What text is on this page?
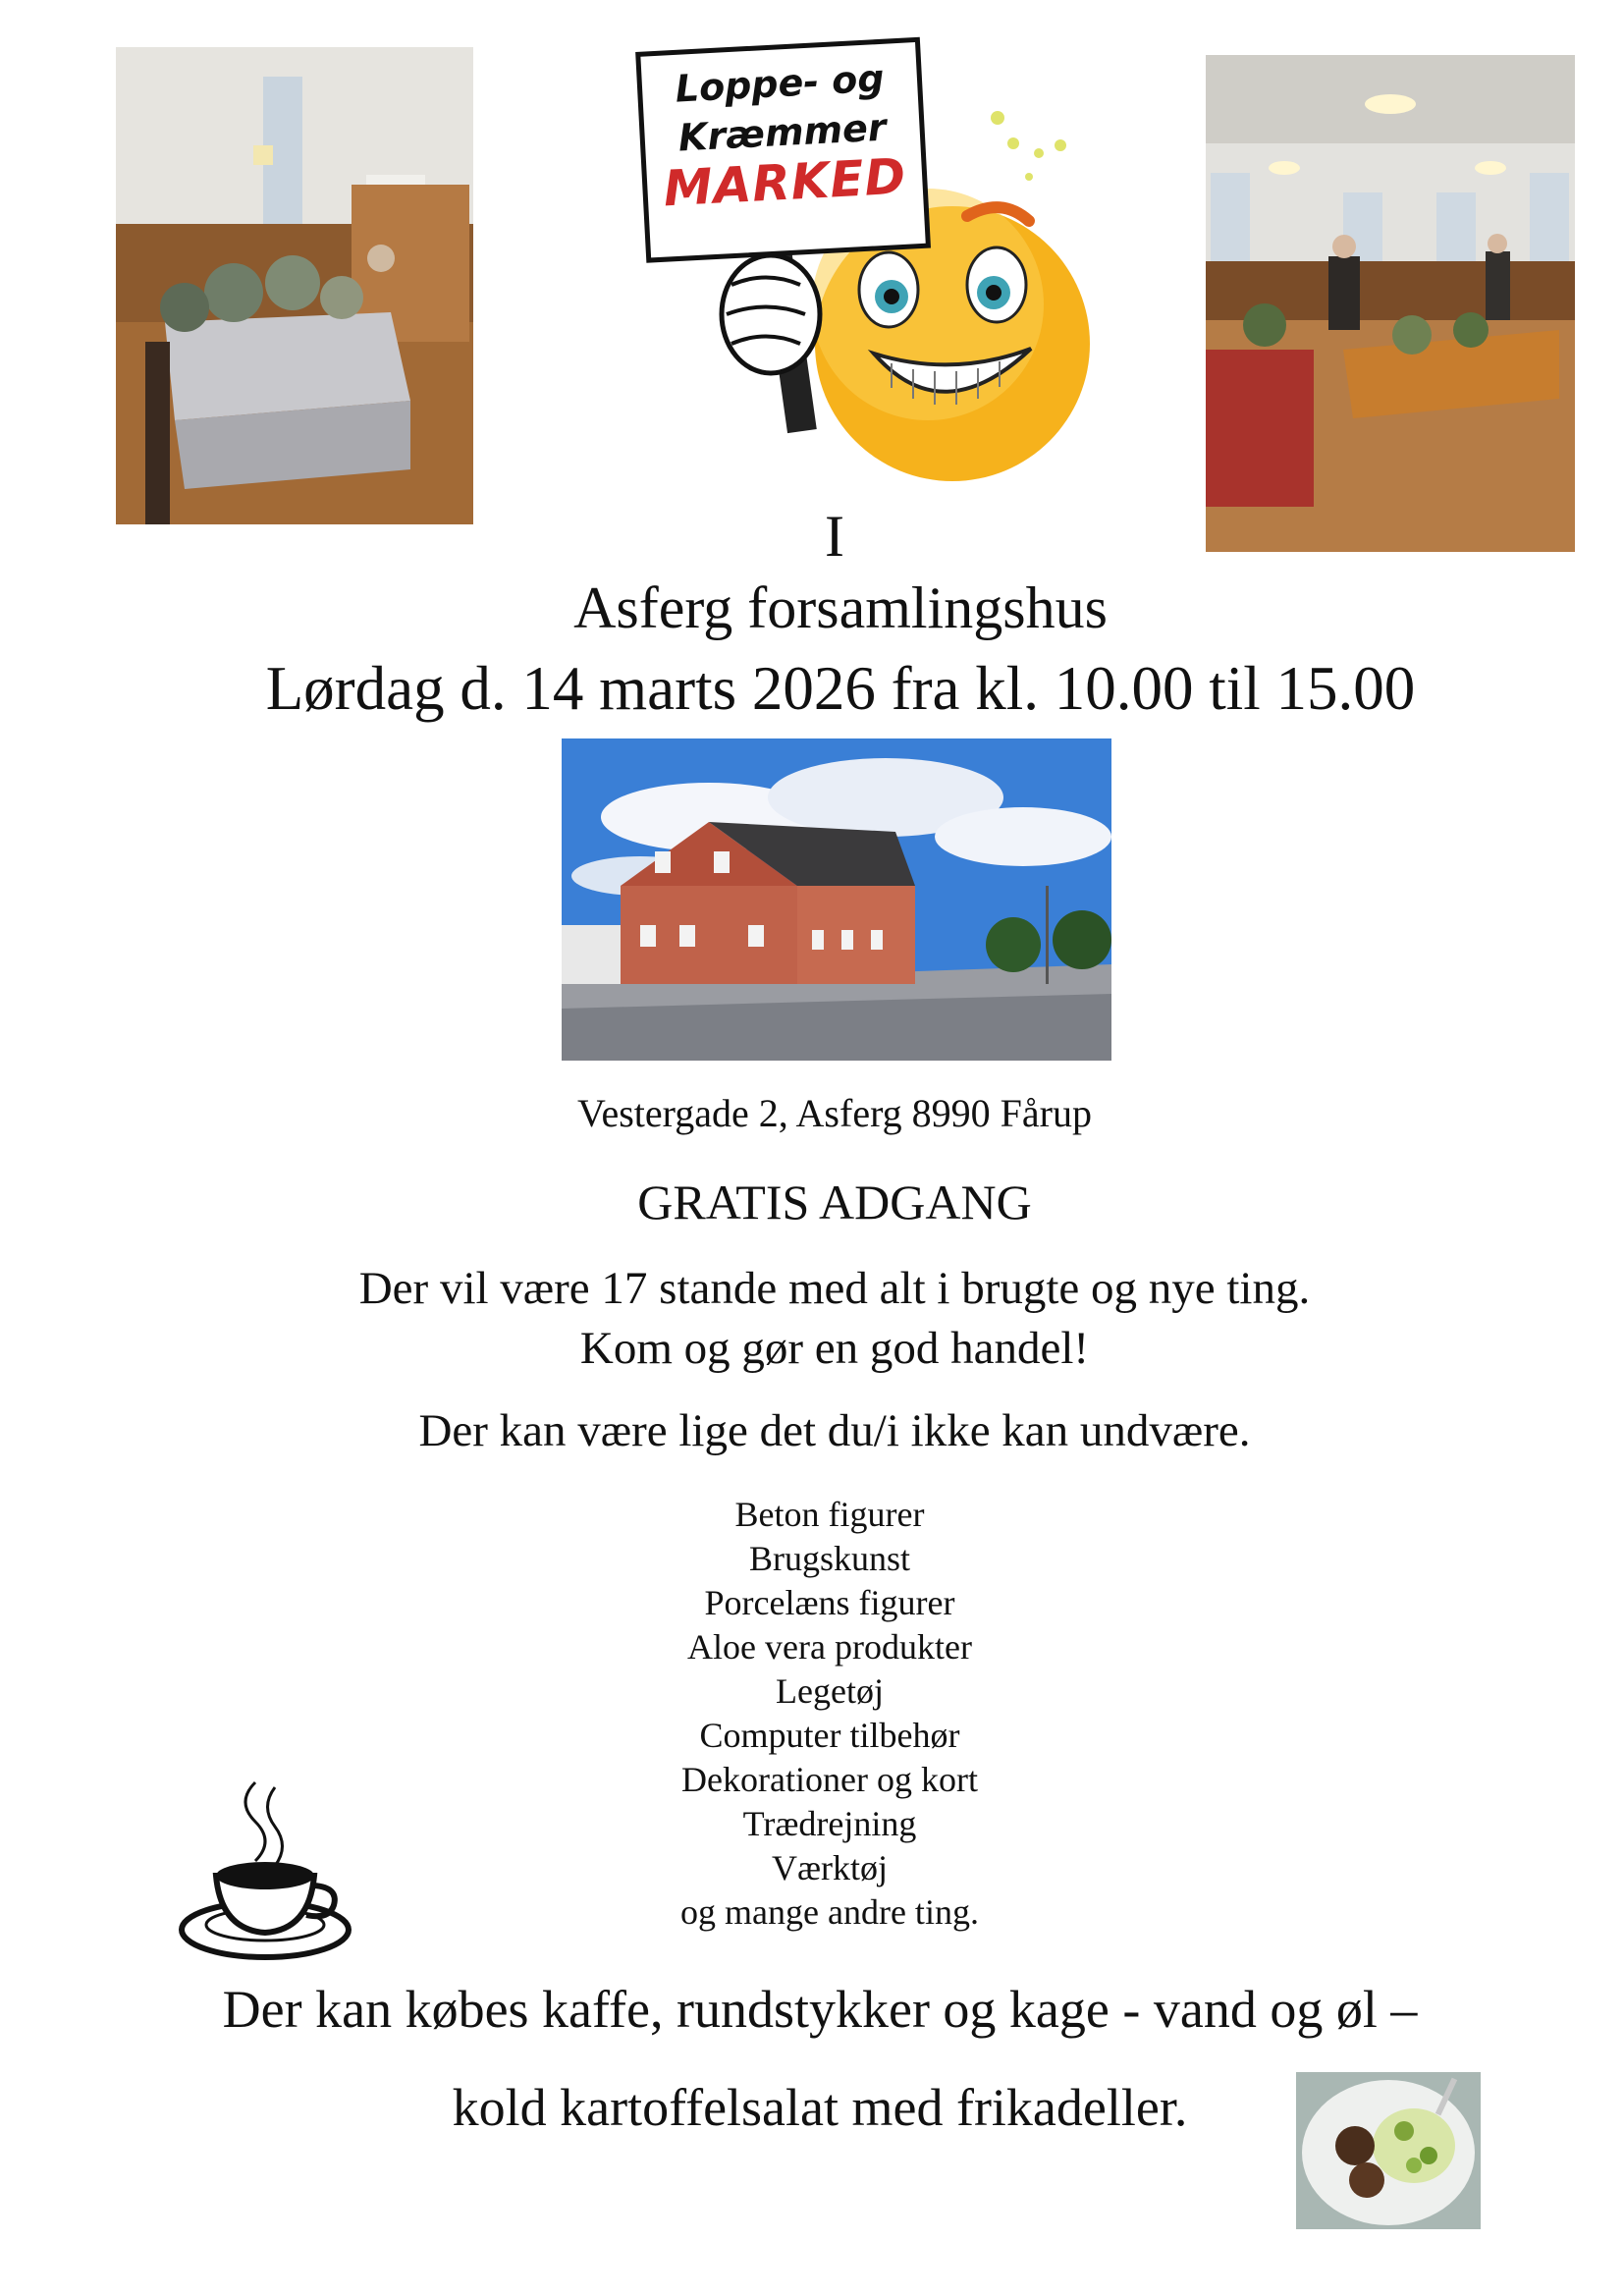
Loppe- og
Kræmmer
MARKED
I
Asferg forsamlingshus
Lørdag d. 14 marts 2026 fra kl. 10.00 til 15.00
Vestergade 2, Asferg 8990 Fårup
GRATIS ADGANG
Der vil være 17 stande med alt i brugte og nye ting.
Kom og gør en god handel!
Der kan være lige det du/i ikke kan undvære.
Beton figurer
Brugskunst
Porcelæns figurer
Aloe vera produkter
Legetøj
Computer tilbehør
Dekorationer og kort
Trædrejning
Værktøj
og mange andre ting.
Der kan købes kaffe, rundstykker og kage - vand og øl –
kold kartoffelsalat med frikadeller.
